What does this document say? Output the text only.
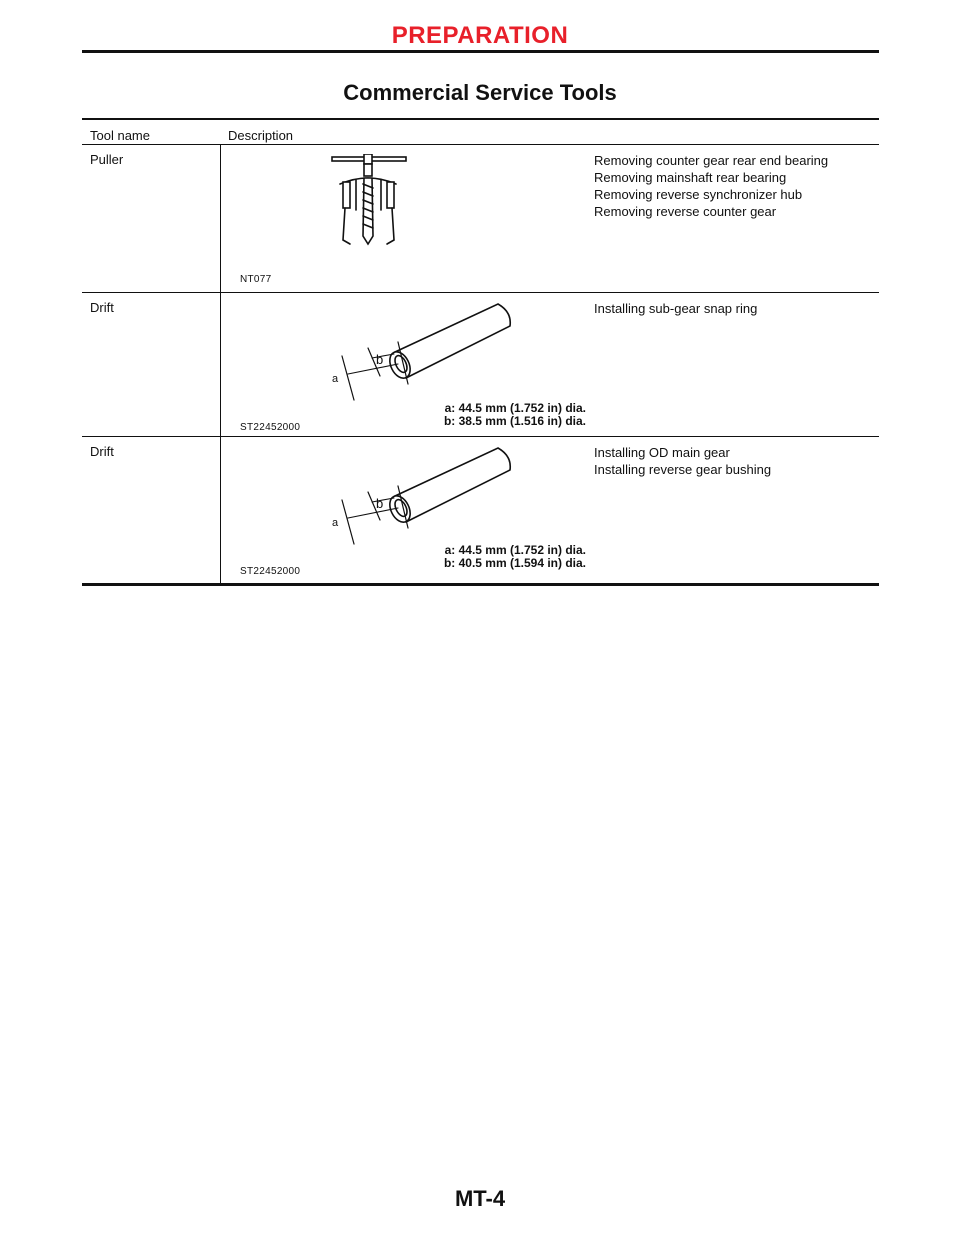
PREPARATION
Commercial Service Tools
Tool name	Description
Puller
NT077
Removing counter gear rear end bearing
Removing mainshaft rear bearing
Removing reverse synchronizer hub
Removing reverse counter gear
Drift
a
b
ST22452000
a: 44.5 mm (1.752 in) dia.
b: 38.5 mm (1.516 in) dia.
Installing sub-gear snap ring
Drift
a
b
ST22452000
a: 44.5 mm (1.752 in) dia.
b: 40.5 mm (1.594 in) dia.
Installing OD main gear
Installing reverse gear bushing
MT-4
